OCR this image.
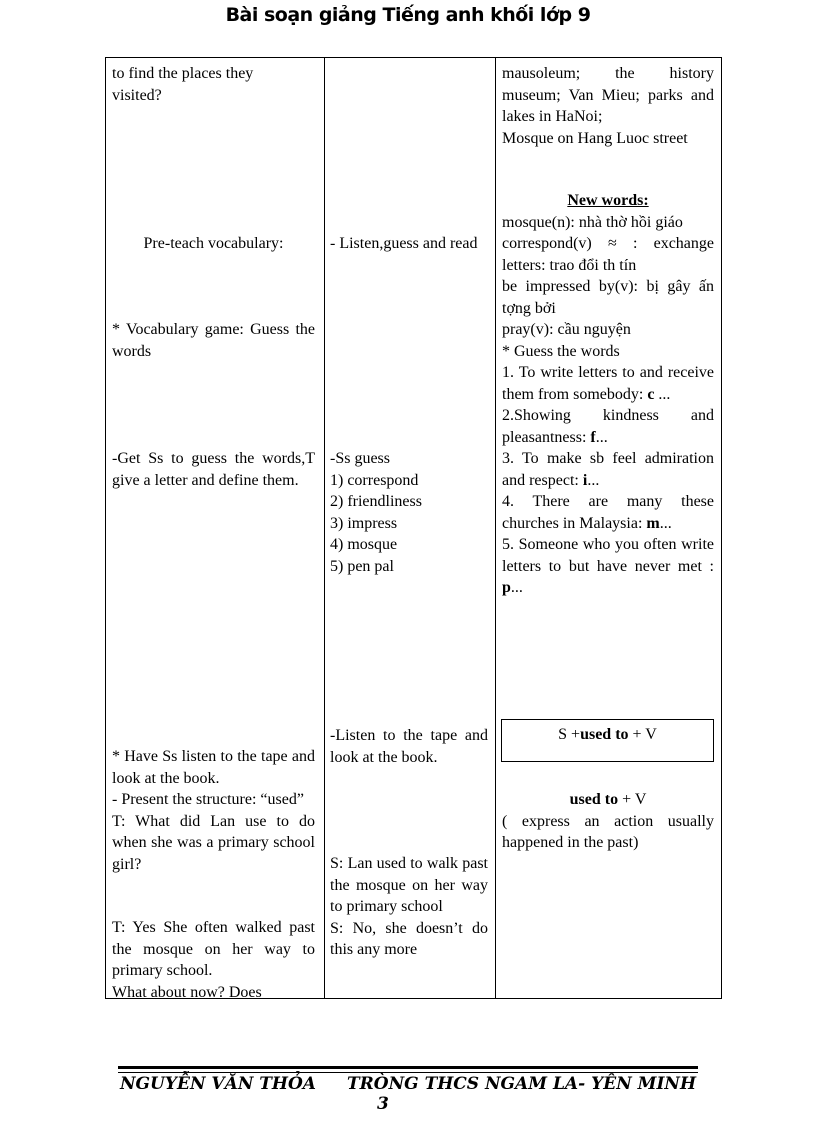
Bài soạn giảng Tiếng anh khối lớp 9

to find the places they

visited?

Pre-teach vocabulary:

* Vocabulary game: Guess the words

-Get Ss to guess the words,T give a letter and define them.

* Have Ss listen to the tape and look at the book.

- Present the structure: “used”

T: What did Lan use to do when she was a primary school girl?

T: Yes She often walked past the mosque on her way to primary school.

What about now? Does

- Listen,guess and read

-Ss guess

1) correspond

2) friendliness

3) impress

4) mosque

5) pen pal

-Listen to the tape and look at the book.

S: Lan used to walk past the mosque on her way to primary school

S: No, she doesn’t do this any more

mausoleum; the history museum; Van Mieu; parks and lakes in HaNoi;

Mosque on Hang Luoc street

New words:

mosque(n): nhà thờ hồi giáo

correspond(v) ≈ : exchange letters: trao đổi th tín

be impressed by(v): bị gây ấn tợng bởi

pray(v): cầu nguyện

* Guess the words

1. To write letters to and receive them from somebody: c ...

2.Showing kindness and pleasantness: f...

3. To make sb feel admiration and respect: i...

4. There are many these churches in Malaysia: m...

5. Someone who you often write letters to but have never met : p...

S +used to + V

used to + V

( express an action usually happened in the past)

NGUYỄN VĂN THỎA TRÒNG THCS NGAM LA- YÊN MINH
3
